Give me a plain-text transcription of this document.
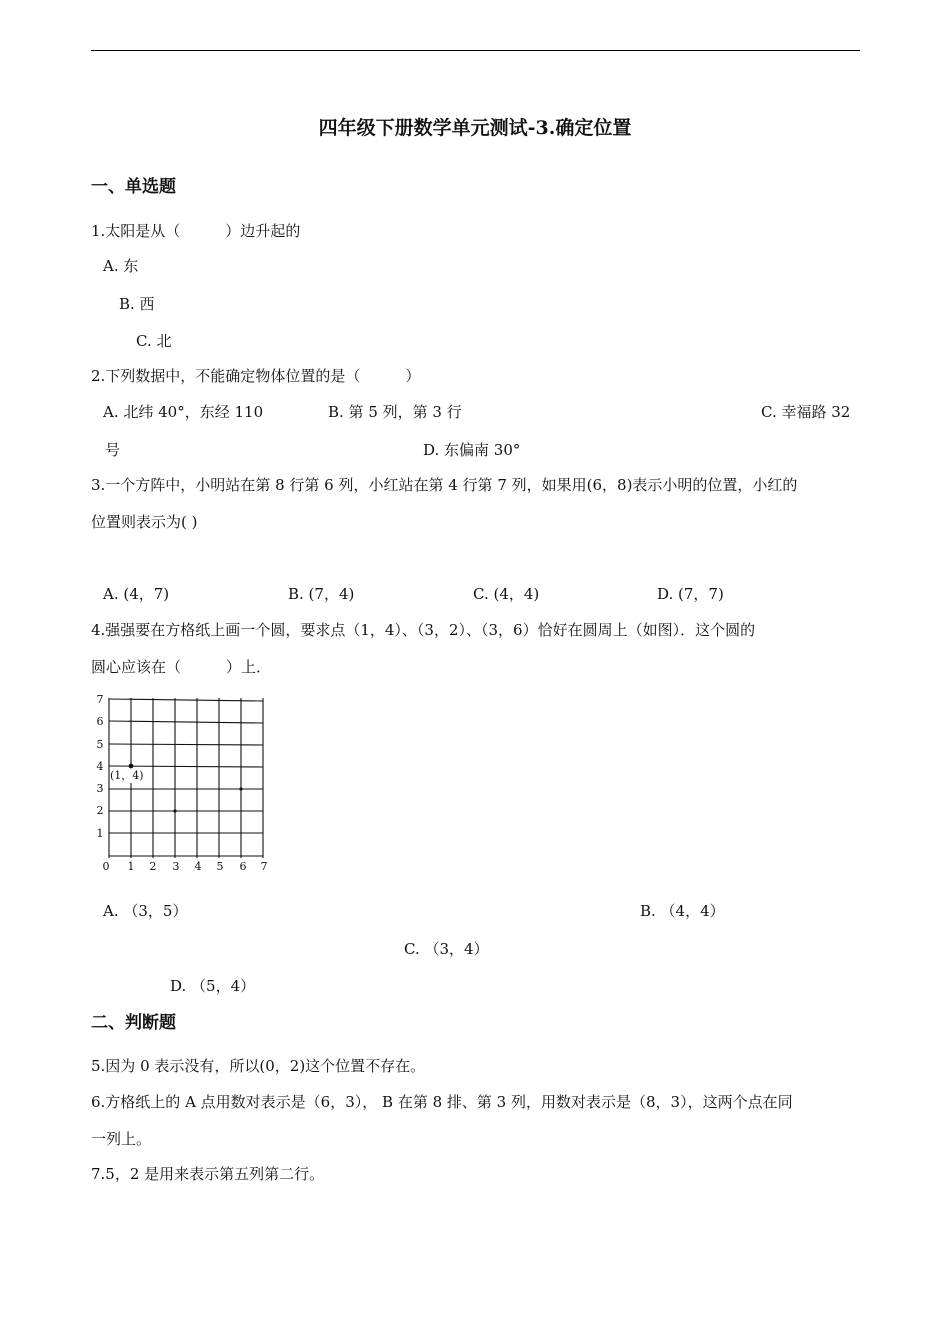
四年级下册数学单元测试-3.确定位置
一、单选题
1.太阳是从（　　　）边升起的
A. 东
B. 西
C. 北
2.下列数据中，不能确定物体位置的是（　　　）
A. 北纬 40°，东经 110	B. 第 5 列，第 3 行	C. 幸福路 32
号	D. 东偏南 30°
3.一个方阵中，小明站在第 8 行第 6 列，小红站在第 4 行第 7 列，如果用(6，8)表示小明的位置，小红的
位置则表示为( )
A. (4，7)	B. (7，4)	C. (4，4)	D. (7，7)
4.强强要在方格纸上画一个圆，要求点（1，4）、（3，2）、（3，6）恰好在圆周上（如图）．这个圆的
圆心应该在（　　　）上．
0 1 2 3 4 5 6 7
1
2
3
4
5
6
7
(1，4)
A. （3，5）	B. （4，4）
C. （3，4）
D. （5，4）
二、判断题
5.因为 0 表示没有，所以(0，2)这个位置不存在。
6.方格纸上的 A 点用数对表示是（6，3）， B 在第 8 排、第 3 列，用数对表示是（8，3），这两个点在同
一列上。
7.5，2 是用来表示第五列第二行。
